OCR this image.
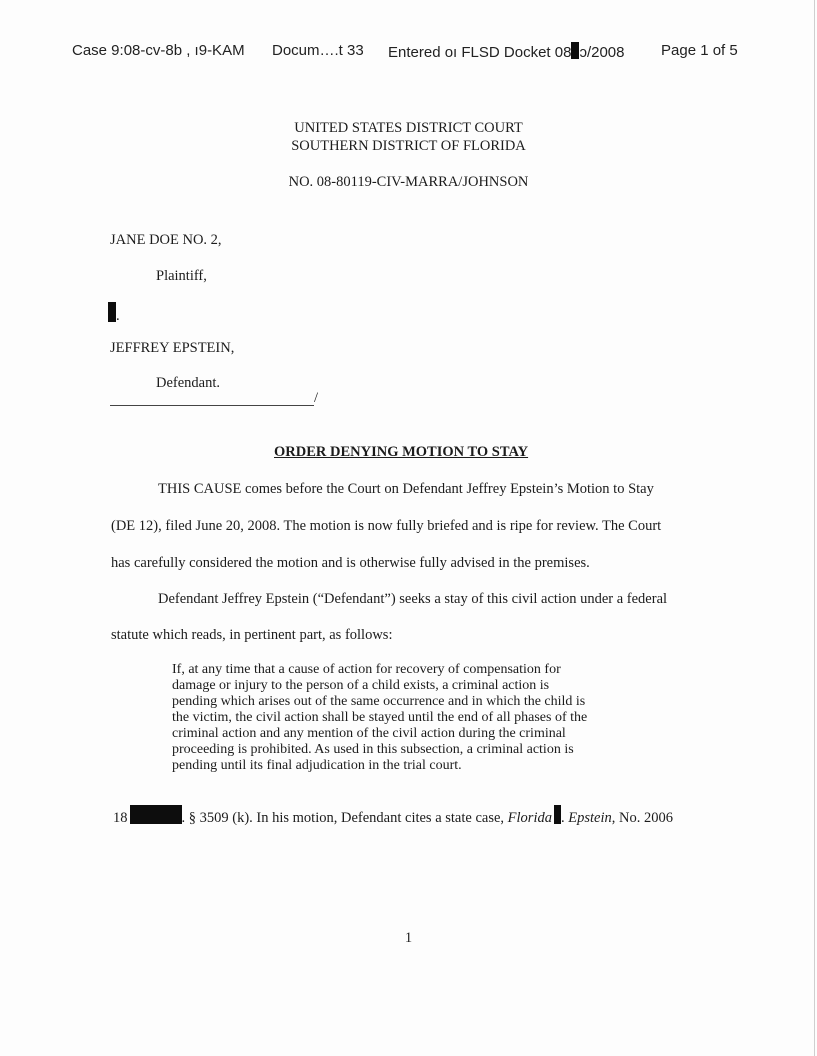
Case 9:08-cv-8b , ı9-KAM Docum….t 33 Entered ᴏı FLSD Docket 08 ↄ/2008 Page 1 of 5
UNITED STATES DISTRICT COURT
SOUTHERN DISTRICT OF FLORIDA
NO. 08-80119-CIV-MARRA/JOHNSON
JANE DOE NO. 2,
Plaintiff,
.
JEFFREY EPSTEIN,
Defendant.
/
ORDER DENYING MOTION TO STAY
THIS CAUSE comes before the Court on Defendant Jeffrey Epstein’s Motion to Stay
(DE 12), filed June 20, 2008. The motion is now fully briefed and is ripe for review. The Court
has carefully considered the motion and is otherwise fully advised in the premises.
Defendant Jeffrey Epstein (“Defendant”) seeks a stay of this civil action under a federal
statute which reads, in pertinent part, as follows:
If, at any time that a cause of action for recovery of compensation for
damage or injury to the person of a child exists, a criminal action is
pending which arises out of the same occurrence and in which the child is
the victim, the civil action shall be stayed until the end of all phases of the
criminal action and any mention of the civil action during the criminal
proceeding is prohibited. As used in this subsection, a criminal action is
pending until its final adjudication in the trial court.
18	. § 3509 (k). In his motion, Defendant cites a state case, Florida . Epstein, No. 2006
1
